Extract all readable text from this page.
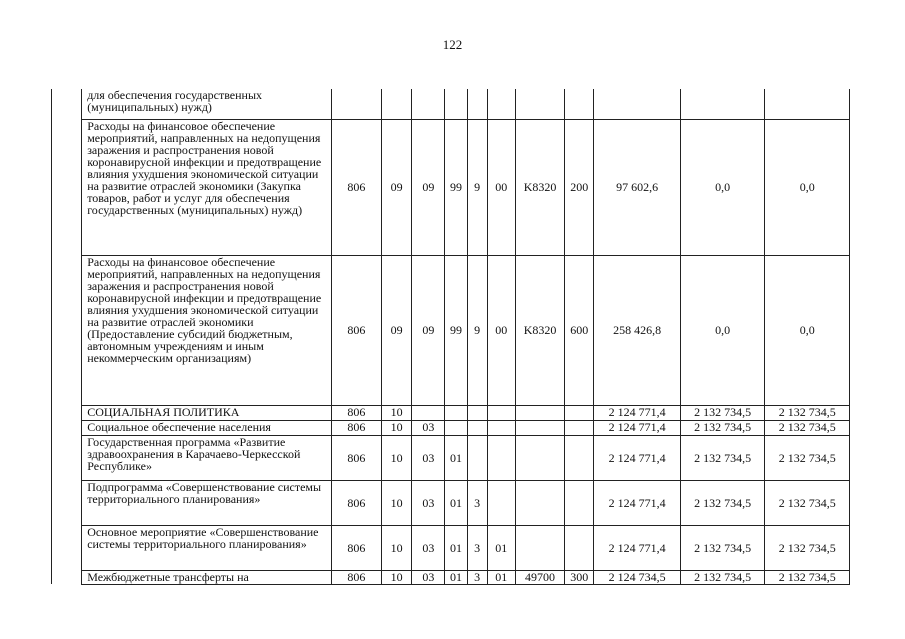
122
	для обеспечения государственных (муниципальных) нужд)											
	Расходы на финансовое обеспечение мероприятий, направленных на недопущения заражения и распространения новой коронавирусной инфекции и предотвращение влияния ухудшения экономической ситуации на развитие отраслей экономики (Закупка товаров, работ и услуг для обеспечения государственных (муниципальных) нужд)	806	09	09	99	9	00	K8320	200	97 602,6	0,0	0,0
	Расходы на финансовое обеспечение мероприятий, направленных на недопущения заражения и распространения новой коронавирусной инфекции и предотвращение влияния ухудшения экономической ситуации на развитие отраслей экономики (Предоставление субсидий бюджетным, автономным учреждениям и иным некоммерческим организациям)	806	09	09	99	9	00	K8320	600	258 426,8	0,0	0,0
	СОЦИАЛЬНАЯ ПОЛИТИКА	806	10							2 124 771,4	2 132 734,5	2 132 734,5
	Социальное обеспечение населения	806	10	03						2 124 771,4	2 132 734,5	2 132 734,5
	Государственная программа «Развитие здравоохранения в Карачаево-Черкесской Республике»	806	10	03	01					2 124 771,4	2 132 734,5	2 132 734,5
	Подпрограмма «Совершенствование системы территориального планирования»	806	10	03	01	3				2 124 771,4	2 132 734,5	2 132 734,5
	Основное мероприятие «Совершенствование системы территориального планирования»	806	10	03	01	3	01			2 124 771,4	2 132 734,5	2 132 734,5
	Межбюджетные трансферты на	806	10	03	01	3	01	49700	300	2 124 734,5	2 132 734,5	2 132 734,5
